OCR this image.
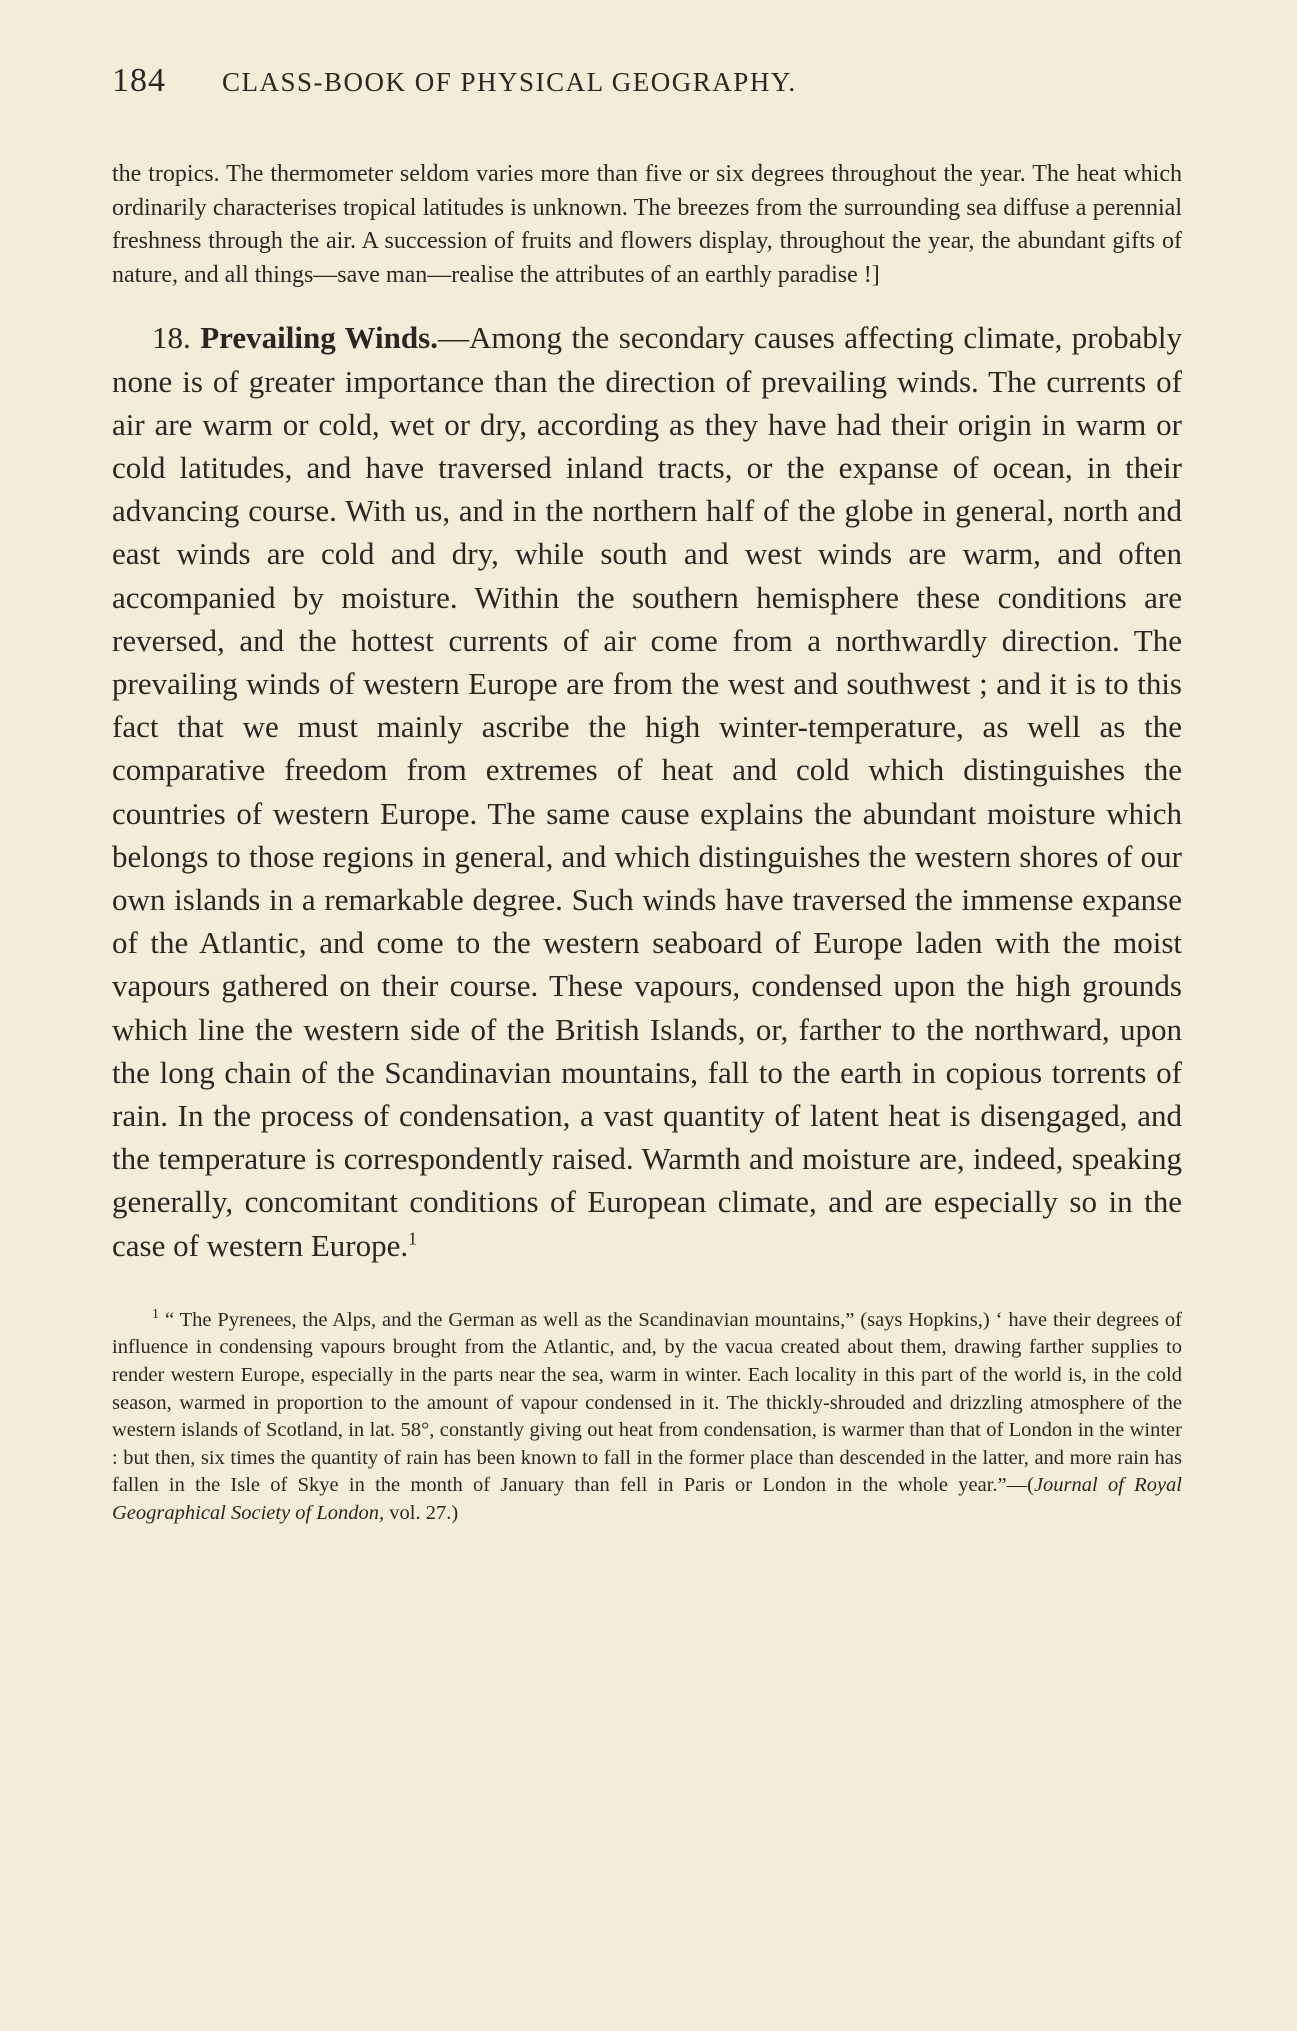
184	CLASS-BOOK OF PHYSICAL GEOGRAPHY.

the tropics. The thermometer seldom varies more than five or six degrees throughout the year. The heat which ordinarily characterises tropical latitudes is unknown. The breezes from the surrounding sea diffuse a perennial freshness through the air. A succession of fruits and flowers display, throughout the year, the abundant gifts of nature, and all things—save man—realise the attributes of an earthly paradise !]

18. Prevailing Winds.—Among the secondary causes affecting climate, probably none is of greater importance than the direction of prevailing winds. The currents of air are warm or cold, wet or dry, according as they have had their origin in warm or cold latitudes, and have traversed inland tracts, or the expanse of ocean, in their advancing course. With us, and in the northern half of the globe in general, north and east winds are cold and dry, while south and west winds are warm, and often accompanied by moisture. Within the southern hemisphere these conditions are reversed, and the hottest currents of air come from a northwardly direction. The prevailing winds of western Europe are from the west and southwest ; and it is to this fact that we must mainly ascribe the high winter-temperature, as well as the comparative freedom from extremes of heat and cold which distinguishes the countries of western Europe. The same cause explains the abundant moisture which belongs to those regions in general, and which distinguishes the western shores of our own islands in a remarkable degree. Such winds have traversed the immense expanse of the Atlantic, and come to the western seaboard of Europe laden with the moist vapours gathered on their course. These vapours, condensed upon the high grounds which line the western side of the British Islands, or, farther to the northward, upon the long chain of the Scandinavian mountains, fall to the earth in copious torrents of rain. In the process of condensation, a vast quantity of latent heat is disengaged, and the temperature is correspondently raised. Warmth and moisture are, indeed, speaking generally, concomitant conditions of European climate, and are especially so in the case of western Europe.$^1$

$^1$ “ The Pyrenees, the Alps, and the German as well as the Scandinavian mountains,” (says Hopkins,) ‘ have their degrees of influence in condensing vapours brought from the Atlantic, and, by the vacua created about them, drawing farther supplies to render western Europe, especially in the parts near the sea, warm in winter. Each locality in this part of the world is, in the cold season, warmed in proportion to the amount of vapour condensed in it. The thickly-shrouded and drizzling atmosphere of the western islands of Scotland, in lat. 58°, constantly giving out heat from condensation, is warmer than that of London in the winter : but then, six times the quantity of rain has been known to fall in the former place than descended in the latter, and more rain has fallen in the Isle of Skye in the month of January than fell in Paris or London in the whole year.”—(Journal of Royal Geographical Society of London, vol. 27.)
